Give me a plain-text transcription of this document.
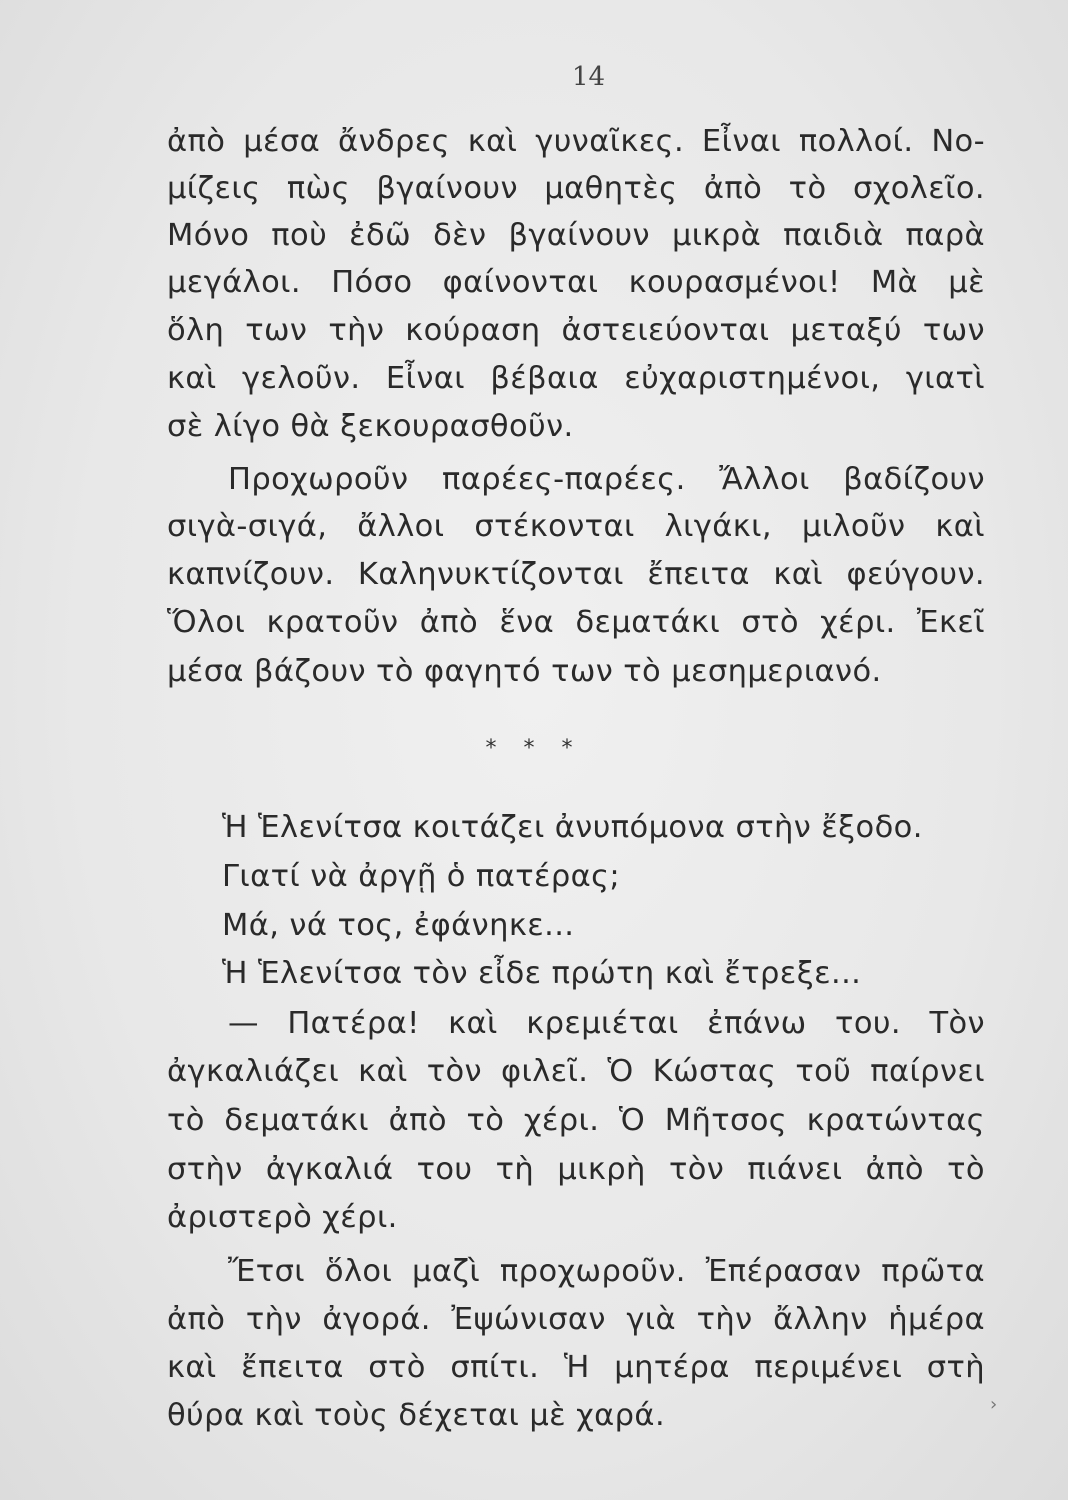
14
ἀπὸ μέσα ἄνδρες καὶ γυναῖκες. Εἶναι πολλοί. Νο-
μίζεις πὼς βγαίνουν μαθητὲς ἀπὸ τὸ σχολεῖο.
Μόνο ποὺ ἐδῶ δὲν βγαίνουν μικρὰ παιδιὰ παρὰ
μεγάλοι. Πόσο φαίνονται κουρασμένοι! Μὰ μὲ
ὅλη των τὴν κούραση ἀστειεύονται μεταξύ των
καὶ γελοῦν. Εἶναι βέβαια εὐχαριστημένοι, γιατὶ
σὲ λίγο θὰ ξεκουρασθοῦν.
Προχωροῦν παρέες-παρέες. Ἄλλοι βαδίζουν
σιγὰ-σιγά, ἄλλοι στέκονται λιγάκι, μιλοῦν καὶ
καπνίζουν. Καληνυκτίζονται ἔπειτα καὶ φεύγουν.
Ὅλοι κρατοῦν ἀπὸ ἕνα δεματάκι στὸ χέρι. Ἐκεῖ
μέσα βάζουν τὸ φαγητό των τὸ μεσημεριανό.
* * *
Ἡ Ἑλενίτσα κοιτάζει ἀνυπόμονα στὴν ἔξοδο.
Γιατί νὰ ἀργῇ ὁ πατέρας;
Μά, νά τος, ἐφάνηκε...
Ἡ Ἑλενίτσα τὸν εἶδε πρώτη καὶ ἔτρεξε...
— Πατέρα! καὶ κρεμιέται ἐπάνω του. Τὸν
ἀγκαλιάζει καὶ τὸν φιλεῖ. Ὁ Κώστας τοῦ παίρνει
τὸ δεματάκι ἀπὸ τὸ χέρι. Ὁ Μῆτσος κρατώντας
στὴν ἀγκαλιά του τὴ μικρὴ τὸν πιάνει ἀπὸ τὸ
ἀριστερὸ χέρι.
Ἔτσι ὅλοι μαζὶ προχωροῦν. Ἐπέρασαν πρῶτα
ἀπὸ τὴν ἀγορά. Ἐψώνισαν γιὰ τὴν ἄλλην ἡμέρα
καὶ ἔπειτα στὸ σπίτι. Ἡ μητέρα περιμένει στὴ
θύρα καὶ τοὺς δέχεται μὲ χαρά.	›
